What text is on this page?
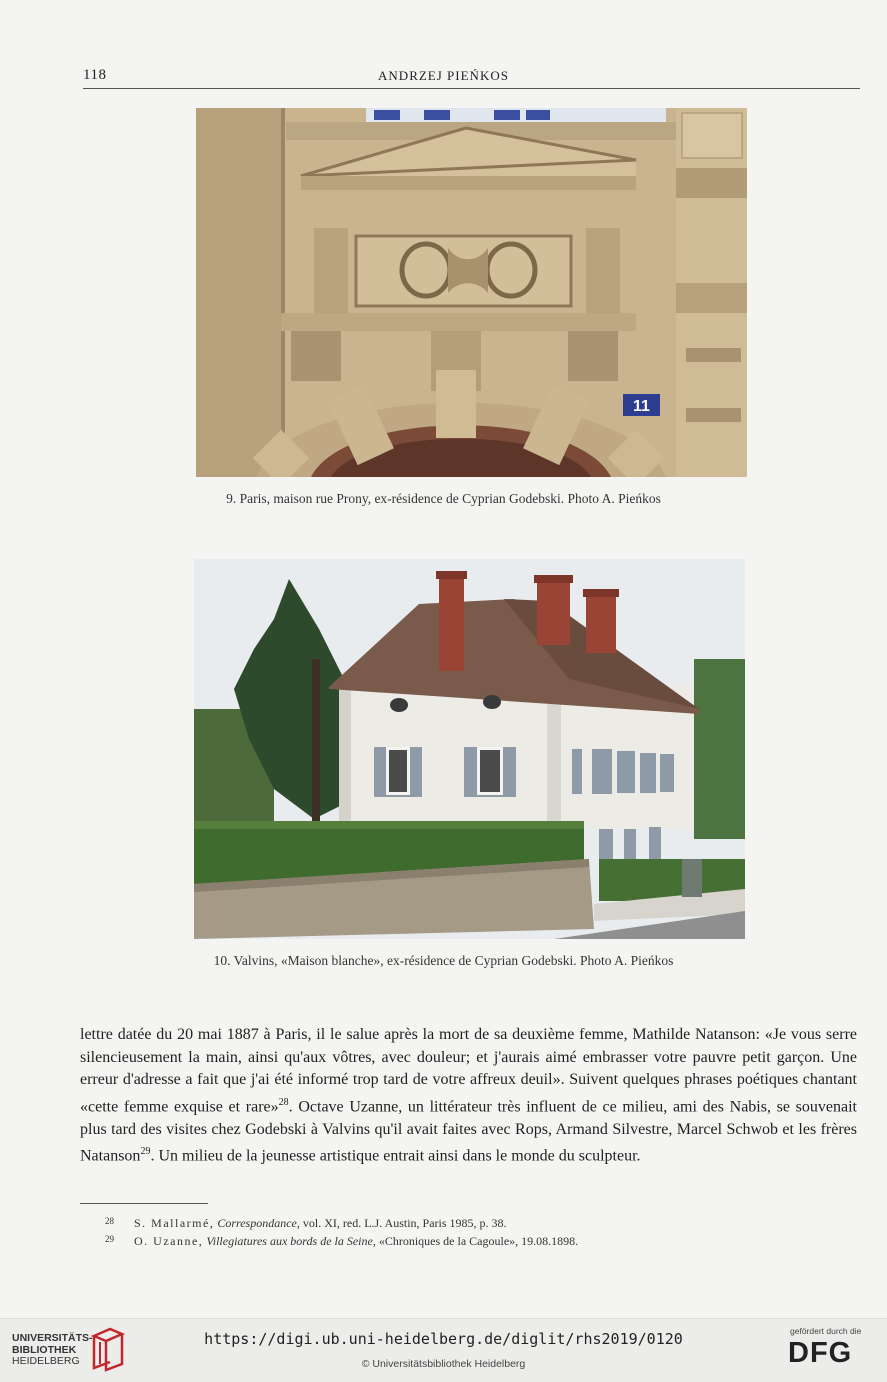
118	ANDRZEJ PIEŃKOS
11
9. Paris, maison rue Prony, ex-résidence de Cyprian Godebski. Photo A. Pieńkos
10. Valvins, «Maison blanche», ex-résidence de Cyprian Godebski. Photo A. Pieńkos
lettre datée du 20 mai 1887 à Paris, il le salue après la mort de sa deuxième femme, Mathilde Natanson: «Je vous serre silencieusement la main, ainsi qu'aux vôtres, avec douleur; et j'aurais aimé embrasser votre pauvre petit garçon. Une erreur d'adresse a fait que j'ai été informé trop tard de votre affreux deuil». Suivent quelques phrases poétiques chantant «cette femme exquise et rare»$^{28}$. Octave Uzanne, un littérateur très influent de ce milieu, ami des Nabis, se souvenait plus tard des visites chez Godebski à Valvins qu'il avait faites avec Rops, Armand Silvestre, Marcel Schwob et les frères Natanson$^{29}$. Un milieu de la jeunesse artistique entrait ainsi dans le monde du sculpteur.
28 S. Mallarmé, Correspondance, vol. XI, red. L.J. Austin, Paris 1985, p. 38.
29 O. Uzanne, Villegiatures aux bords de la Seine, «Chroniques de la Cagoule», 19.08.1898.
UNIVERSITÄTS-
BIBLIOTHEK
HEIDELBERG
https://digi.ub.uni-heidelberg.de/diglit/rhs2019/0120
© Universitätsbibliothek Heidelberg
gefördert durch die
DFG
